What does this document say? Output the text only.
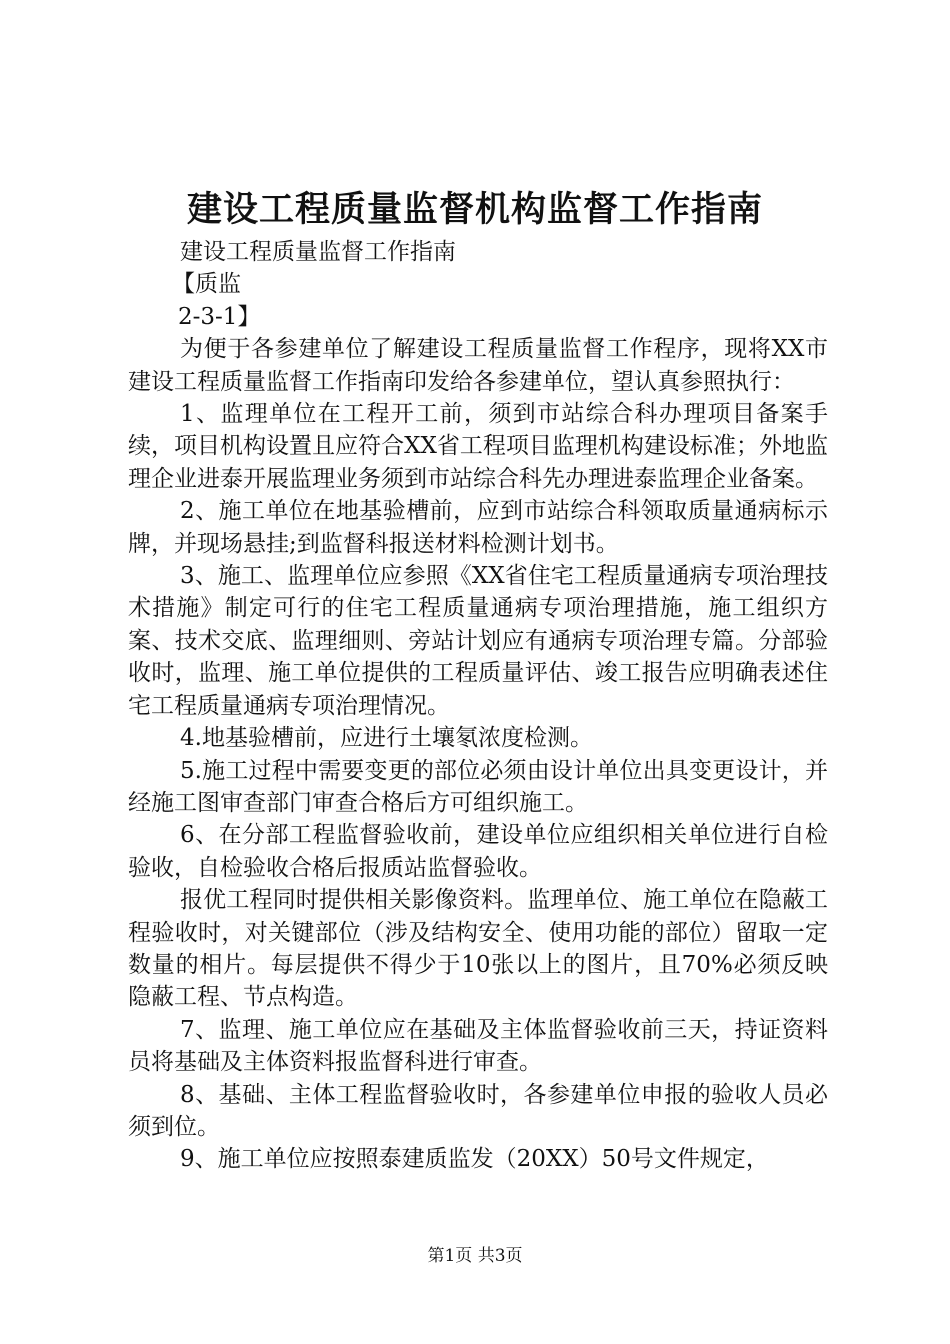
建设工程质量监督机构监督工作指南

建设工程质量监督工作指南

【质监

2-3-1】

为便于各参建单位了解建设工程质量监督工作程序，现将XX市建设工程质量监督工作指南印发给各参建单位，望认真参照执行：

1、监理单位在工程开工前，须到市站综合科办理项目备案手续，项目机构设置且应符合XX省工程项目监理机构建设标准；外地监理企业进泰开展监理业务须到市站综合科先办理进泰监理企业备案。

2、施工单位在地基验槽前，应到市站综合科领取质量通病标示牌，并现场悬挂;到监督科报送材料检测计划书。

3、施工、监理单位应参照《XX省住宅工程质量通病专项治理技术措施》制定可行的住宅工程质量通病专项治理措施，施工组织方案、技术交底、监理细则、旁站计划应有通病专项治理专篇。分部验收时，监理、施工单位提供的工程质量评估、竣工报告应明确表述住宅工程质量通病专项治理情况。

4.地基验槽前，应进行土壤氡浓度检测。

5.施工过程中需要变更的部位必须由设计单位出具变更设计，并经施工图审查部门审查合格后方可组织施工。

6、在分部工程监督验收前，建设单位应组织相关单位进行自检验收，自检验收合格后报质站监督验收。

报优工程同时提供相关影像资料。监理单位、施工单位在隐蔽工程验收时，对关键部位（涉及结构安全、使用功能的部位）留取一定数量的相片。每层提供不得少于10张以上的图片，且70%必须反映隐蔽工程、节点构造。

7、监理、施工单位应在基础及主体监督验收前三天，持证资料员将基础及主体资料报监督科进行审查。

8、基础、主体工程监督验收时，各参建单位申报的验收人员必须到位。

9、施工单位应按照泰建质监发（20XX）50号文件规定，

第1页 共3页
